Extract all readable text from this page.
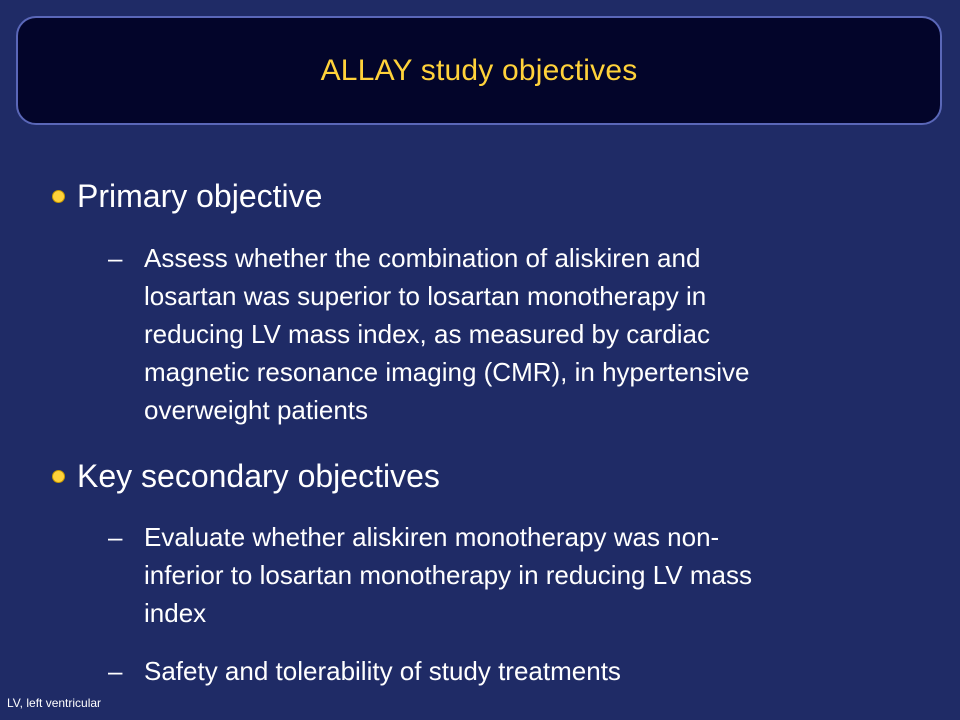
ALLAY study objectives
Primary objective
– Assess whether the combination of aliskiren and
losartan was superior to losartan monotherapy in
reducing LV mass index, as measured by cardiac
magnetic resonance imaging (CMR), in hypertensive
overweight patients
Key secondary objectives
– Evaluate whether aliskiren monotherapy was non-
inferior to losartan monotherapy in reducing LV mass
index
– Safety and tolerability of study treatments
LV, left ventricular
